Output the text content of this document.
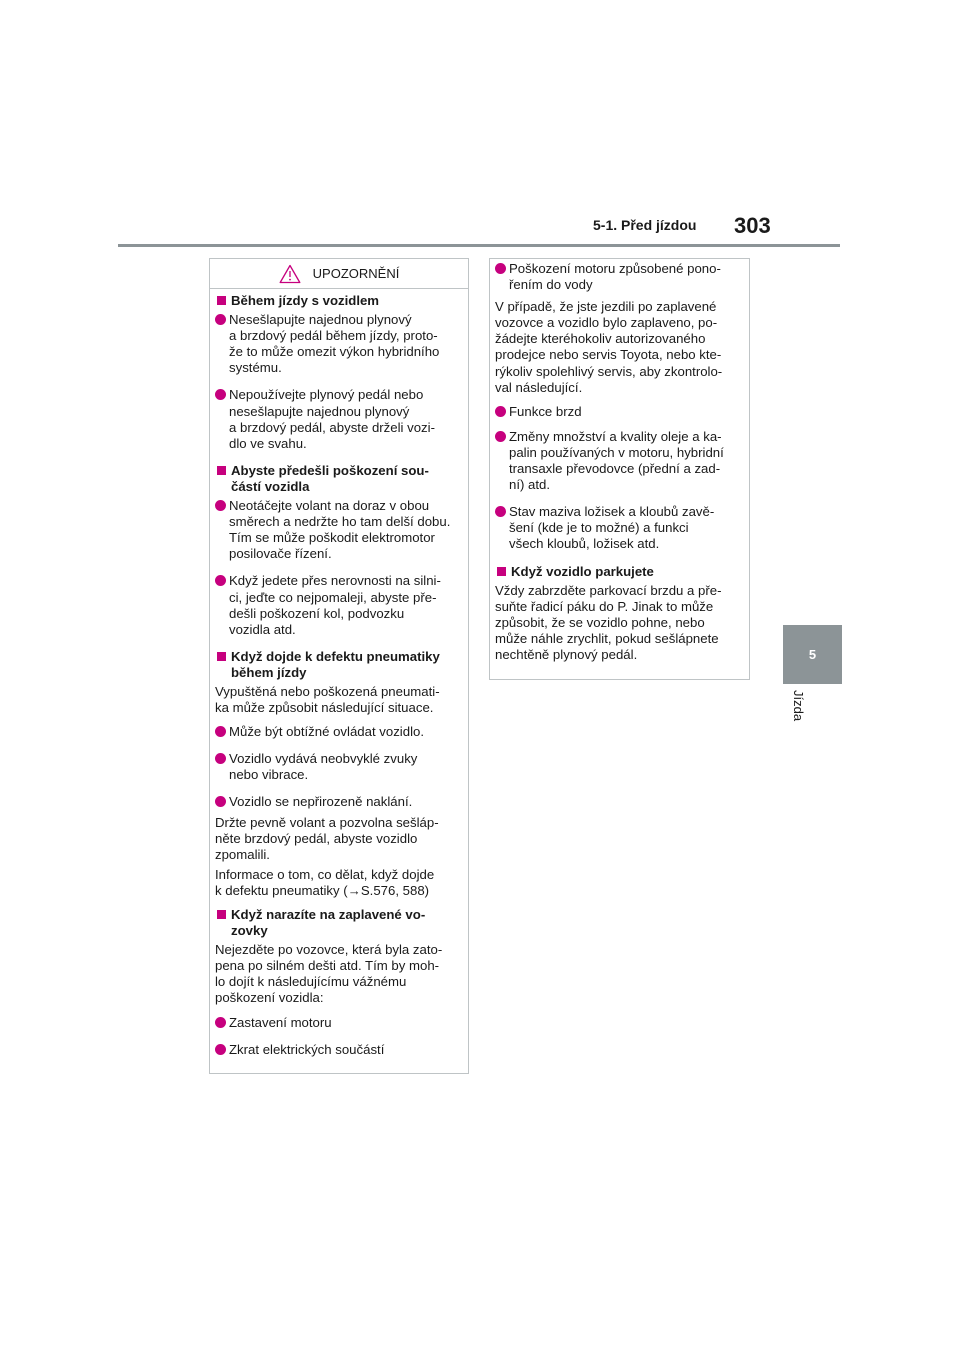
5-1. Před jízdou 303
5
Jízda
UPOZORNĚNÍ
Během jízdy s vozidlem
Nesešlapujte najednou plynový
a brzdový pedál během jízdy, proto-
že to může omezit výkon hybridního
systému.
Nepoužívejte plynový pedál nebo
nesešlapujte najednou plynový
a brzdový pedál, abyste drželi vozi-
dlo ve svahu.
Abyste předešli poškození sou-
částí vozidla
Neotáčejte volant na doraz v obou
směrech a nedržte ho tam delší dobu.
Tím se může poškodit elektromotor
posilovače řízení.
Když jedete přes nerovnosti na silni-
ci, jeďte co nejpomaleji, abyste pře-
dešli poškození kol, podvozku
vozidla atd.
Když dojde k defektu pneumatiky
během jízdy
Vypuštěná nebo poškozená pneumati-
ka může způsobit následující situace.
Může být obtížné ovládat vozidlo.
Vozidlo vydává neobvyklé zvuky
nebo vibrace.
Vozidlo se nepřirozeně naklání.
Držte pevně volant a pozvolna sešláp-
něte brzdový pedál, abyste vozidlo
zpomalili.
Informace o tom, co dělat, když dojde
k defektu pneumatiky (→S.576, 588)
Když narazíte na zaplavené vo-
zovky
Nejezděte po vozovce, která byla zato-
pena po silném dešti atd. Tím by moh-
lo dojít k následujícímu vážnému
poškození vozidla:
Zastavení motoru
Zkrat elektrických součástí
Poškození motoru způsobené pono-
řením do vody
V případě, že jste jezdili po zaplavené
vozovce a vozidlo bylo zaplaveno, po-
žádejte kteréhokoliv autorizovaného
prodejce nebo servis Toyota, nebo kte-
rýkoliv spolehlivý servis, aby zkontrolo-
val následující.
Funkce brzd
Změny množství a kvality oleje a ka-
palin používaných v motoru, hybridní
transaxle převodovce (přední a zad-
ní) atd.
Stav maziva ložisek a kloubů zavě-
šení (kde je to možné) a funkci
všech kloubů, ložisek atd.
Když vozidlo parkujete
Vždy zabrzděte parkovací brzdu a pře-
suňte řadicí páku do P. Jinak to může
způsobit, že se vozidlo pohne, nebo
může náhle zrychlit, pokud sešlápnete
nechtěně plynový pedál.
